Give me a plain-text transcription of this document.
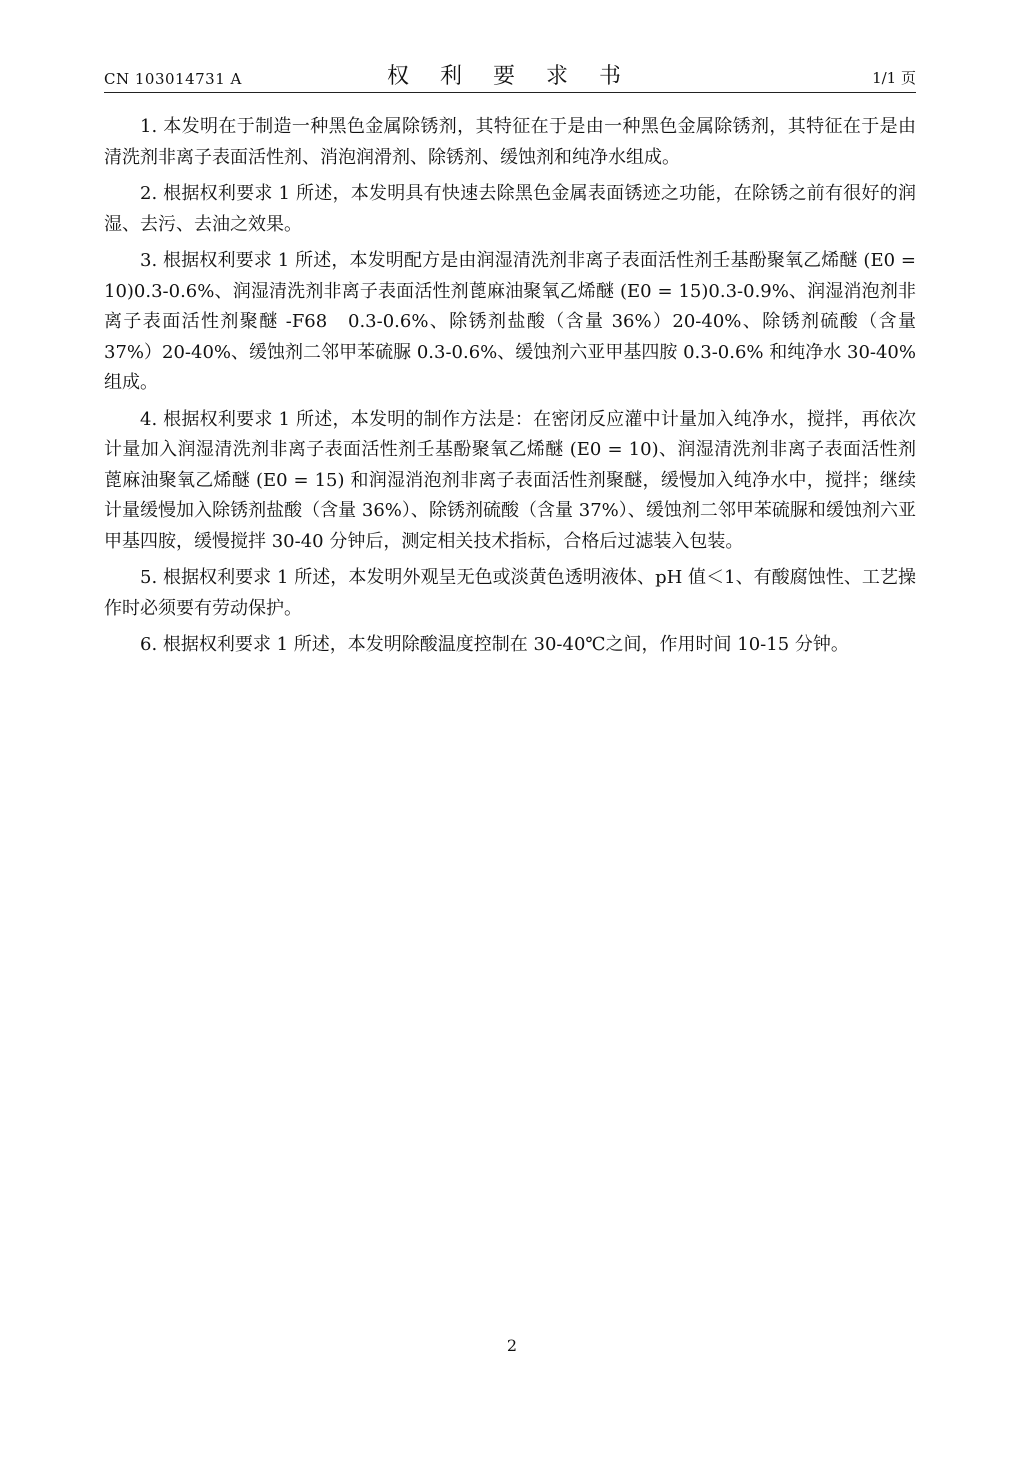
CN 103014731 A	权 利 要 求 书	1/1 页

1. 本发明在于制造一种黑色金属除锈剂，其特征在于是由一种黑色金属除锈剂，其特征在于是由清洗剂非离子表面活性剂、消泡润滑剂、除锈剂、缓蚀剂和纯净水组成。

2. 根据权利要求 1 所述，本发明具有快速去除黑色金属表面锈迹之功能，在除锈之前有很好的润湿、去污、去油之效果。

3. 根据权利要求 1 所述，本发明配方是由润湿清洗剂非离子表面活性剂壬基酚聚氧乙烯醚 (E0 = 10)0.3-0.6%、润湿清洗剂非离子表面活性剂蓖麻油聚氧乙烯醚 (E0 = 15)0.3-0.9%、润湿消泡剂非离子表面活性剂聚醚 -F68　0.3-0.6%、除锈剂盐酸（含量 36%）20-40%、除锈剂硫酸（含量 37%）20-40%、缓蚀剂二邻甲苯硫脲 0.3-0.6%、缓蚀剂六亚甲基四胺 0.3-0.6% 和纯净水 30-40% 组成。

4. 根据权利要求 1 所述，本发明的制作方法是：在密闭反应灌中计量加入纯净水，搅拌，再依次计量加入润湿清洗剂非离子表面活性剂壬基酚聚氧乙烯醚 (E0 = 10)、润湿清洗剂非离子表面活性剂蓖麻油聚氧乙烯醚 (E0 = 15) 和润湿消泡剂非离子表面活性剂聚醚，缓慢加入纯净水中，搅拌；继续计量缓慢加入除锈剂盐酸（含量 36%）、除锈剂硫酸（含量 37%）、缓蚀剂二邻甲苯硫脲和缓蚀剂六亚甲基四胺，缓慢搅拌 30-40 分钟后，测定相关技术指标，合格后过滤装入包装。

5. 根据权利要求 1 所述，本发明外观呈无色或淡黄色透明液体、pH 值＜1、有酸腐蚀性、工艺操作时必须要有劳动保护。

6. 根据权利要求 1 所述，本发明除酸温度控制在 30-40℃之间，作用时间 10-15 分钟。

2
